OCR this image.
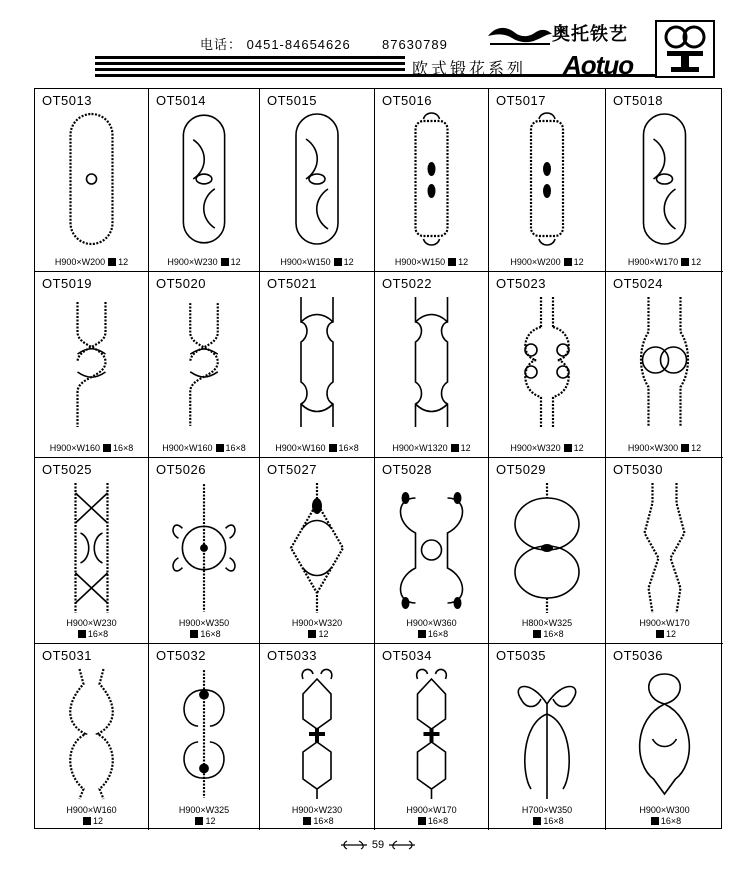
电话： 0451-84654626 87630789	奥托铁艺
欧式锻花系列 Aotuo
OT5013
H900×W200 12
OT5014
H900×W230 12
OT5015
H900×W150 12
OT5016
H900×W150 12
OT5017
H900×W200 12
OT5018
H900×W170 12
OT5019
H900×W160 16×8
OT5020
H900×W160 16×8
OT5021
H900×W160 16×8
OT5022
H900×W1320 12
OT5023
H900×W320 12
OT5024
H900×W300 12
OT5025
H900×W230
16×8
OT5026
H900×W350
16×8
OT5027
H900×W320
12
OT5028
H900×W360
16×8
OT5029
H800×W325
16×8
OT5030
H900×W170
12
OT5031
H900×W160
12
OT5032
H900×W325
12
OT5033
H900×W230
16×8
OT5034
H900×W170
16×8
OT5035
H700×W350
16×8
OT5036
H900×W300
16×8
59
